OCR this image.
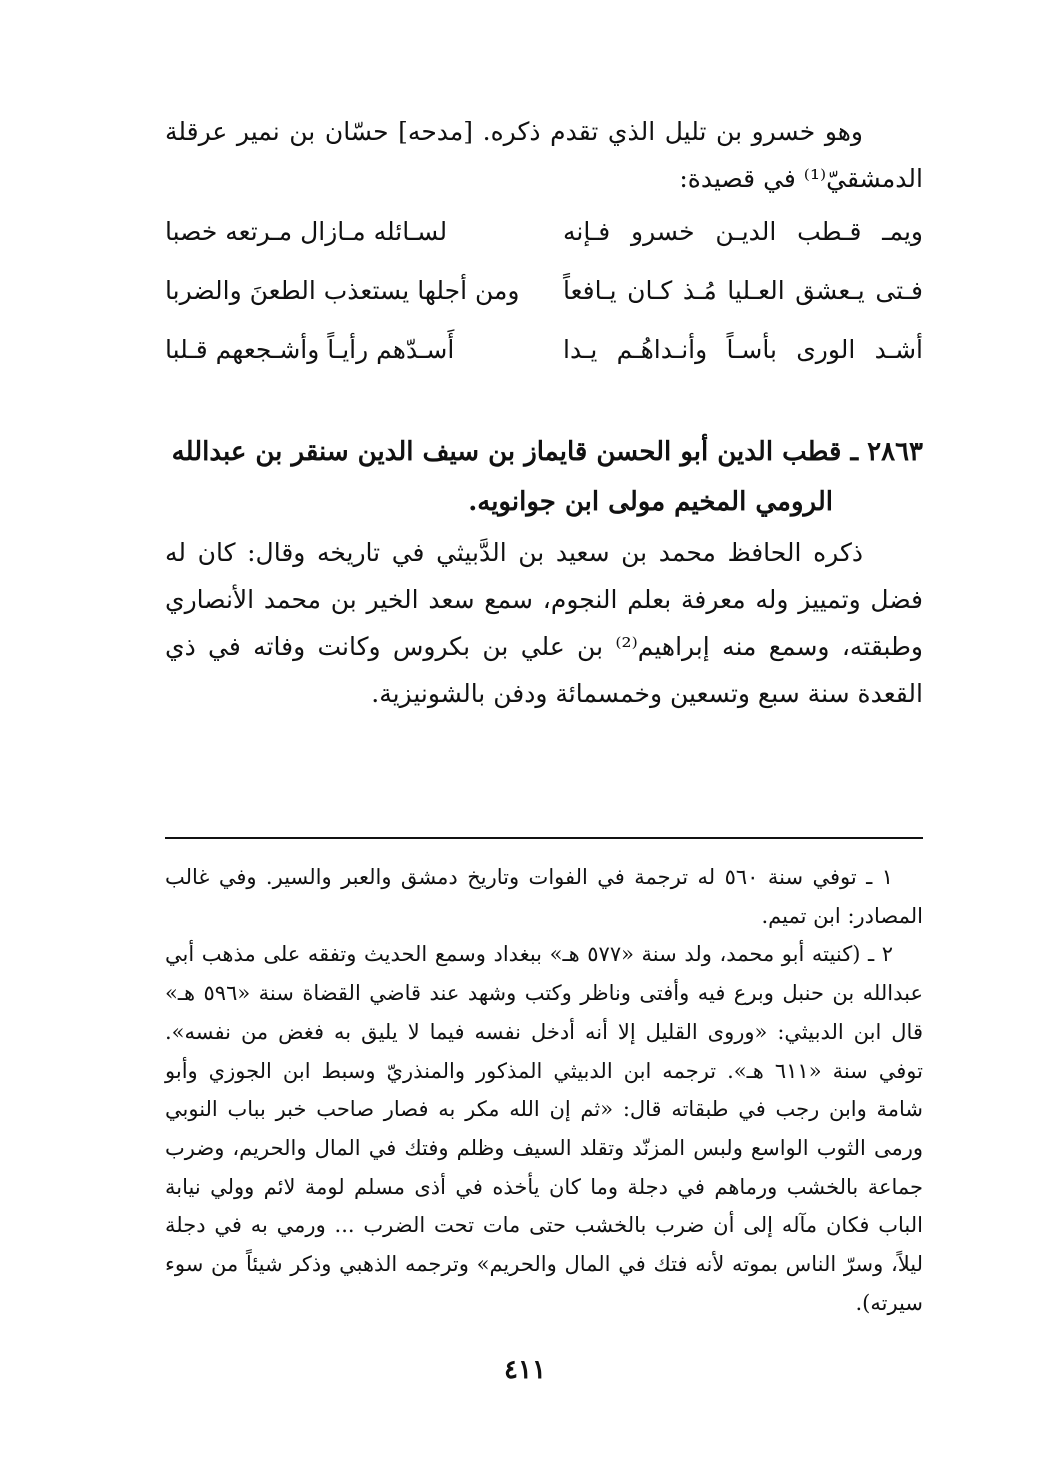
وهو خسرو بن تليل الذي تقدم ذكره. [مدحه] حسّان بن نمير عرقلة الدمشقيّ⁽¹⁾ في قصيدة:

ويمـ قـطب الديـن خسرو فـإنه
لسـائله مـازال مـرتعه خصبا
فـتى يـعشق العـليا مُـذ كـان يـافعاً
ومن أجلها يستعذب الطعنَ والضربا
أشـد الورى بأسـاً وأنـداهُـم يـدا
أَسـدّهم رأيـاً وأشـجعهم قـلبا
٢٨٦٣ ـ قطب الدين أبو الحسن قايماز بن سيف الدين سنقر بن عبدالله
الرومي المخيم مولى ابن جوانويه.

ذكره الحافظ محمد بن سعيد بن الدَّبيثي في تاريخه وقال: كان له فضل وتمييز وله معرفة بعلم النجوم، سمع سعد الخير بن محمد الأنصاري وطبقته، وسمع منه إبراهيم⁽²⁾ بن علي بن بكروس وكانت وفاته في ذي القعدة سنة سبع وتسعين وخمسمائة ودفن بالشونيزية.

١ ـ توفي سنة ٥٦٠ له ترجمة في الفوات وتاريخ دمشق والعبر والسير. وفي غالب المصادر: ابن تميم.

٢ ـ (كنيته أبو محمد، ولد سنة «٥٧٧ هـ» ببغداد وسمع الحديث وتفقه على مذهب أبي عبدالله بن حنبل وبرع فيه وأفتى وناظر وكتب وشهد عند قاضي القضاة سنة «٥٩٦ هـ» قال ابن الدبيثي: «وروى القليل إلا أنه أدخل نفسه فيما لا يليق به فغض من نفسه». توفي سنة «٦١١ هـ». ترجمه ابن الدبيثي المذكور والمنذريّ وسبط ابن الجوزي وأبو شامة وابن رجب في طبقاته قال: «ثم إن الله مكر به فصار صاحب خبر بباب النوبي ورمى الثوب الواسع ولبس المزنّد وتقلد السيف وظلم وفتك في المال والحريم، وضرب جماعة بالخشب ورماهم في دجلة وما كان يأخذه في أذى مسلم لومة لائم وولي نيابة الباب فكان مآله إلى أن ضرب بالخشب حتى مات تحت الضرب ... ورمي به في دجلة ليلاً، وسرّ الناس بموته لأنه فتك في المال والحريم» وترجمه الذهبي وذكر شيئاً من سوء سيرته).

٤١١
